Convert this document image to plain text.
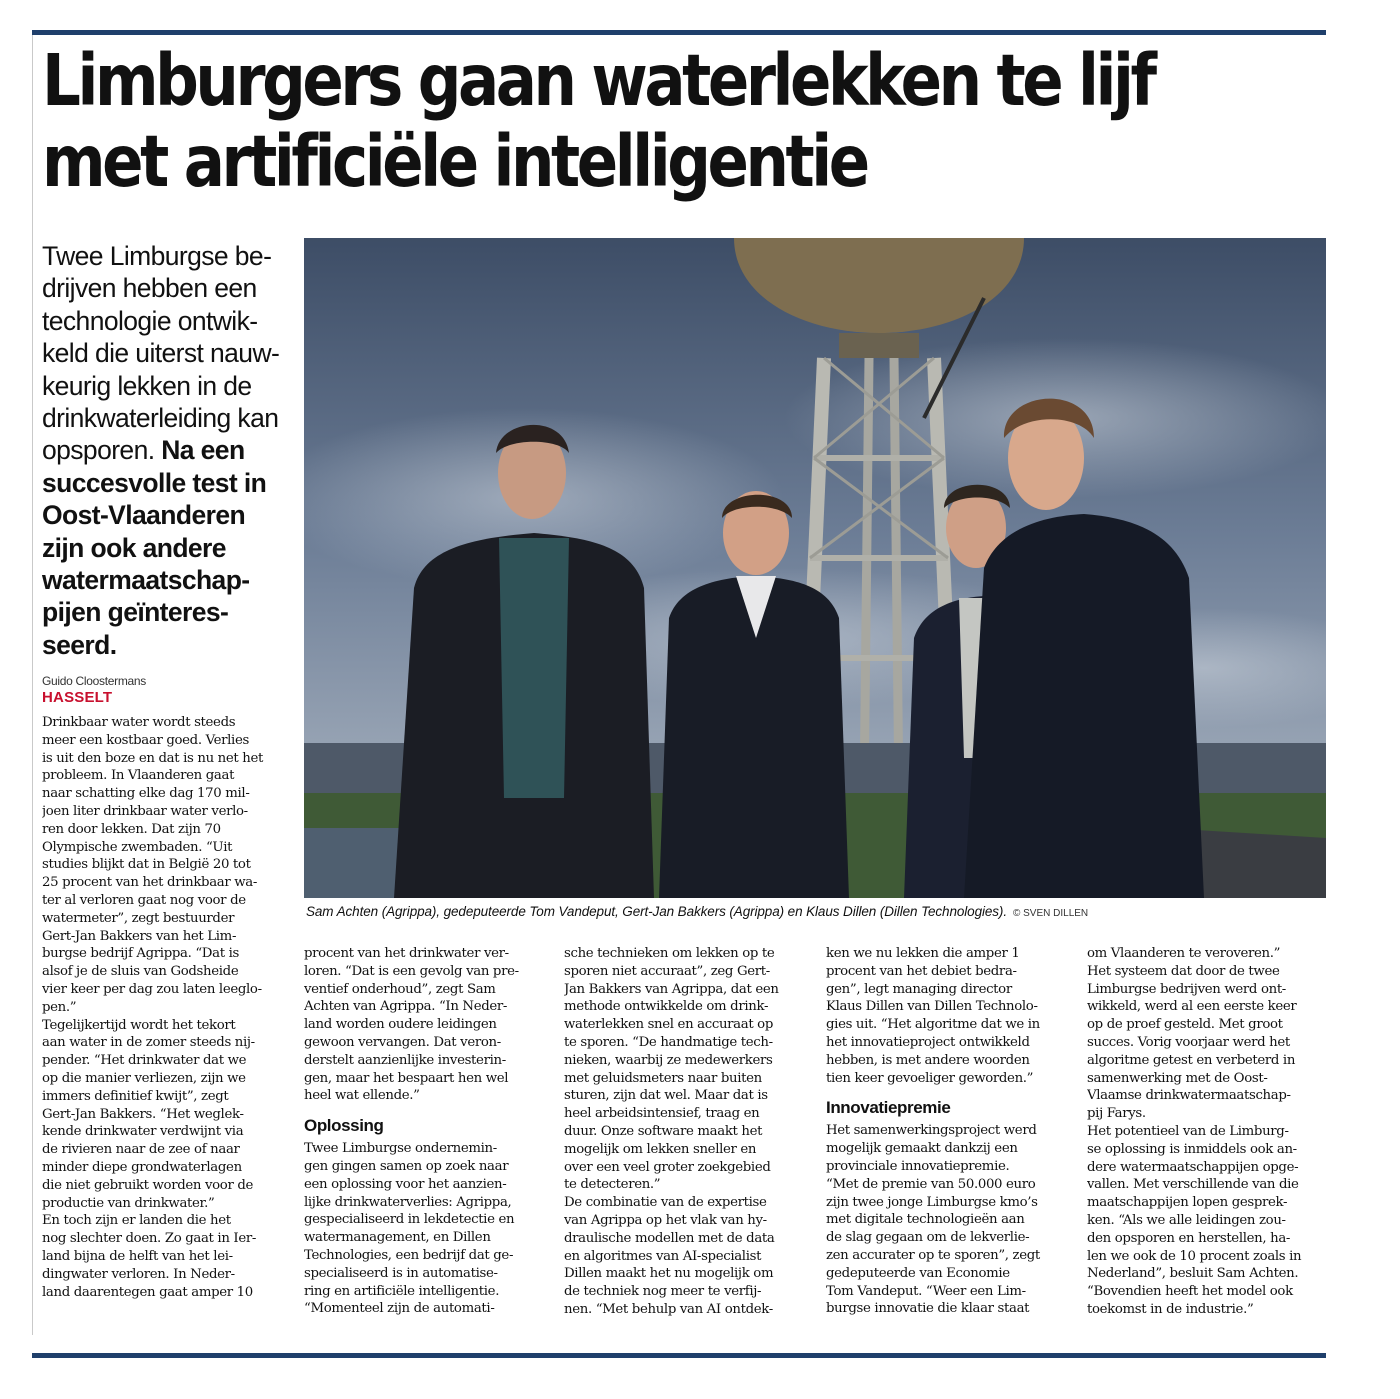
Limburgers gaan waterlekken te lijf
met artificiële intelligentie

Twee Limburgse be-
drijven hebben een
technologie ontwik-
keld die uiterst nauw-
keurig lekken in de
drinkwaterleiding kan
opsporen. Na een
succesvolle test in
Oost-Vlaanderen
zijn ook andere
watermaatschap-
pijen geïnteres-
seerd.

Guido Cloostermans
HASSELT
Sam Achten (Agrippa), gedeputeerde Tom Vandeput, Gert-Jan Bakkers (Agrippa) en Klaus Dillen (Dillen Technologies). © SVEN DILLEN
Drinkbaar water wordt steeds
meer een kostbaar goed. Verlies
is uit den boze en dat is nu net het
probleem. In Vlaanderen gaat
naar schatting elke dag 170 mil-
joen liter drinkbaar water verlo-
ren door lekken. Dat zijn 70
Olympische zwembaden. “Uit
studies blijkt dat in België 20 tot
25 procent van het drinkbaar wa-
ter al verloren gaat nog voor de
watermeter”, zegt bestuurder
Gert-Jan Bakkers van het Lim-
burgse bedrijf Agrippa. “Dat is
alsof je de sluis van Godsheide
vier keer per dag zou laten leeglo-
pen.”
Tegelijkertijd wordt het tekort
aan water in de zomer steeds nij-
pender. “Het drinkwater dat we
op die manier verliezen, zijn we
immers definitief kwijt”, zegt
Gert-Jan Bakkers. “Het weglek-
kende drinkwater verdwijnt via
de rivieren naar de zee of naar
minder diepe grondwaterlagen
die niet gebruikt worden voor de
productie van drinkwater.”
En toch zijn er landen die het
nog slechter doen. Zo gaat in Ier-
land bijna de helft van het lei-
dingwater verloren. In Neder-
land daarentegen gaat amper 10
procent van het drinkwater ver-
loren. “Dat is een gevolg van pre-
ventief onderhoud”, zegt Sam
Achten van Agrippa. “In Neder-
land worden oudere leidingen
gewoon vervangen. Dat veron-
derstelt aanzienlijke investerin-
gen, maar het bespaart hen wel
heel wat ellende.”
Oplossing
Twee Limburgse ondernemin-
gen gingen samen op zoek naar
een oplossing voor het aanzien-
lijke drinkwaterverlies: Agrippa,
gespecialiseerd in lekdetectie en
watermanagement, en Dillen
Technologies, een bedrijf dat ge-
specialiseerd is in automatise-
ring en artificiële intelligentie.
“Momenteel zijn de automati-
sche technieken om lekken op te
sporen niet accuraat”, zeg Gert-
Jan Bakkers van Agrippa, dat een
methode ontwikkelde om drink-
waterlekken snel en accuraat op
te sporen. “De handmatige tech-
nieken, waarbij ze medewerkers
met geluidsmeters naar buiten
sturen, zijn dat wel. Maar dat is
heel arbeidsintensief, traag en
duur. Onze software maakt het
mogelijk om lekken sneller en
over een veel groter zoekgebied
te detecteren.”
De combinatie van de expertise
van Agrippa op het vlak van hy-
draulische modellen met de data
en algoritmes van AI-specialist
Dillen maakt het nu mogelijk om
de techniek nog meer te verfij-
nen. “Met behulp van AI ontdek-
ken we nu lekken die amper 1
procent van het debiet bedra-
gen”, legt managing director
Klaus Dillen van Dillen Technolo-
gies uit. “Het algoritme dat we in
het innovatieproject ontwikkeld
hebben, is met andere woorden
tien keer gevoeliger geworden.”
Innovatiepremie
Het samenwerkingsproject werd
mogelijk gemaakt dankzij een
provinciale innovatiepremie.
“Met de premie van 50.000 euro
zijn twee jonge Limburgse kmo’s
met digitale technologieën aan
de slag gegaan om de lekverlie-
zen accurater op te sporen”, zegt
gedeputeerde van Economie
Tom Vandeput. “Weer een Lim-
burgse innovatie die klaar staat
om Vlaanderen te veroveren.”
Het systeem dat door de twee
Limburgse bedrijven werd ont-
wikkeld, werd al een eerste keer
op de proef gesteld. Met groot
succes. Vorig voorjaar werd het
algoritme getest en verbeterd in
samenwerking met de Oost-
Vlaamse drinkwatermaatschap-
pij Farys.
Het potentieel van de Limburg-
se oplossing is inmiddels ook an-
dere watermaatschappijen opge-
vallen. Met verschillende van die
maatschappijen lopen gesprek-
ken. “Als we alle leidingen zou-
den opsporen en herstellen, ha-
len we ook de 10 procent zoals in
Nederland”, besluit Sam Achten.
“Bovendien heeft het model ook
toekomst in de industrie.”
